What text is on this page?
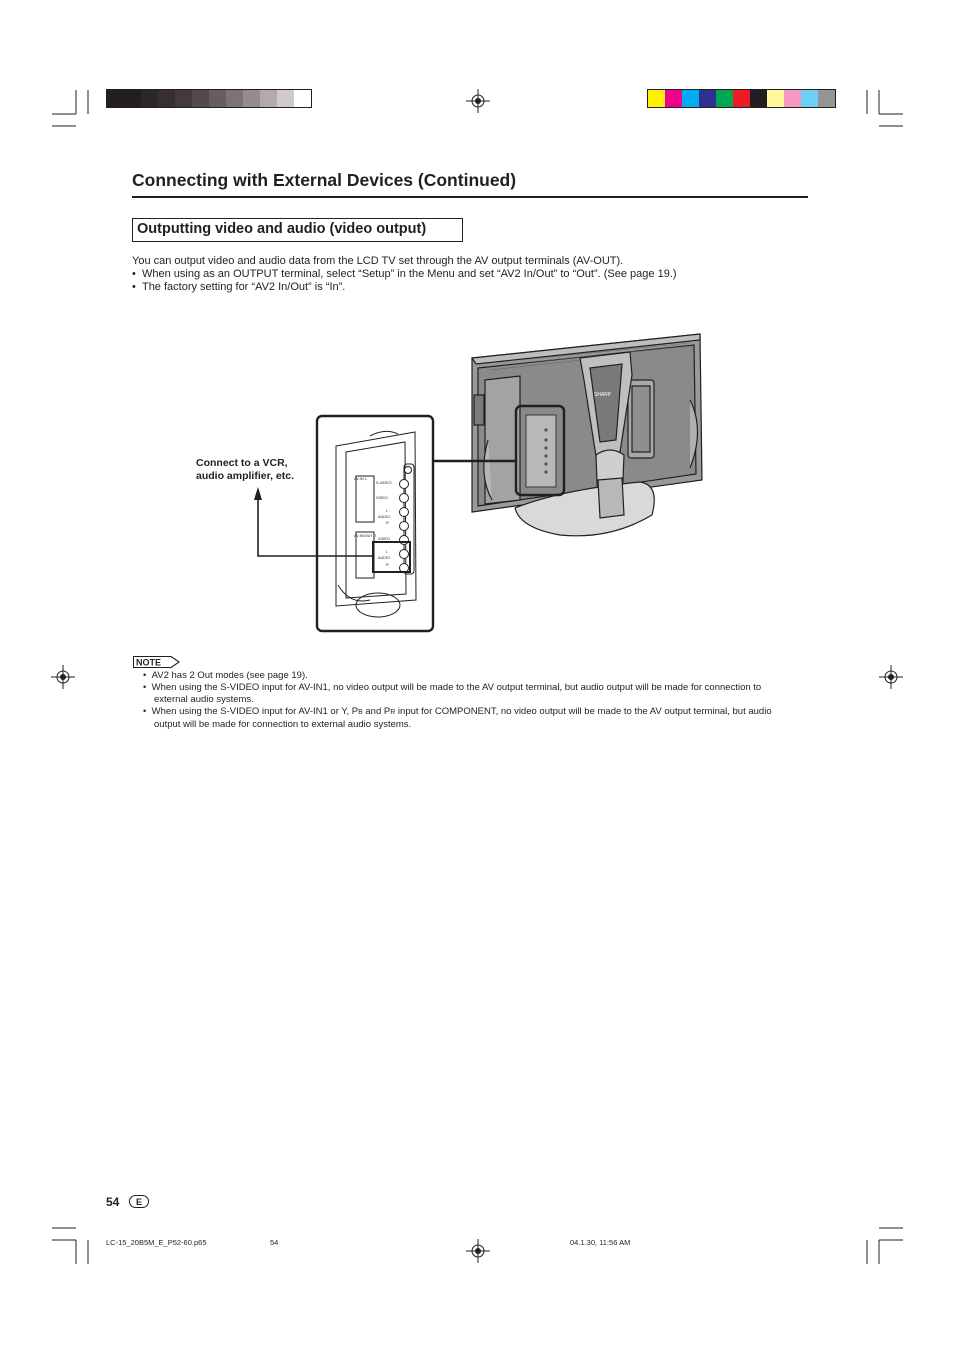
Connecting with External Devices (Continued)
Outputting video and audio (video output)
You can output video and audio data from the LCD TV set through the AV output terminals (AV-OUT).
•  When using as an OUTPUT terminal, select “Setup” in the Menu and set “AV2 In/Out” to “Out”. (See page 19.)
•  The factory setting for “AV2 In/Out” is “In”.
SHARP
AV-IN 1
S-VIDEO
VIDEO
L
AUDIO
R
AV-IN/OUT 2
VIDEO
L
AUDIO
R
Connect to a VCR,
audio amplifier, etc.
NOTE
•  AV2 has 2 Out modes (see page 19).
•  When using the S-VIDEO input for AV-IN1, no video output will be made to the AV output terminal, but audio output will be made for connection to external audio systems.
•  When using the S-VIDEO input for AV-IN1 or Y, PB and PR input for COMPONENT, no video output will be made to the AV output terminal, but audio output will be made for connection to external audio systems.
54	E
LC-15_20B5M_E_P52-60.p65	54	04.1.30, 11:56 AM
